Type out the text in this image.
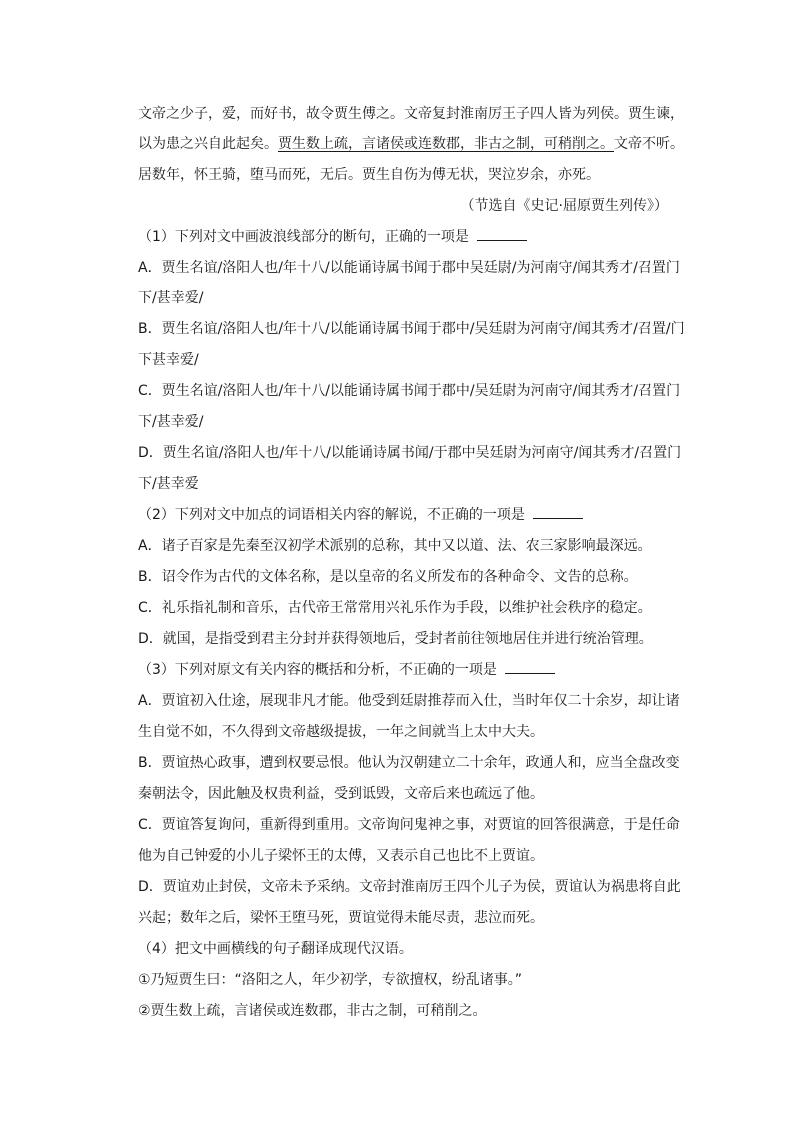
文帝之少子，爱，而好书，故令贾生傅之。文帝复封淮南厉王子四人皆为列侯。贾生谏，
以为患之兴自此起矣。贾生数上疏，言诸侯或连数郡，非古之制，可稍削之。文帝不听。
居数年，怀王骑，堕马而死，无后。贾生自伤为傅无状，哭泣岁余，亦死。
（节选自《史记·屈原贾生列传》）
（1）下列对文中画波浪线部分的断句，正确的一项是
A．贾生名谊/洛阳人也/年十八/以能诵诗属书闻于郡中吴廷尉/为河南守/闻其秀才/召置门
下/甚幸爱/
B．贾生名谊/洛阳人也/年十八/以能诵诗属书闻于郡中/吴廷尉为河南守/闻其秀才/召置/门
下甚幸爱/
C．贾生名谊/洛阳人也/年十八/以能诵诗属书闻于郡中/吴廷尉为河南守/闻其秀才/召置门
下/甚幸爱/
D．贾生名谊/洛阳人也/年十八/以能诵诗属书闻/于郡中吴廷尉为河南守/闻其秀才/召置门
下/甚幸爱
（2）下列对文中加点的词语相关内容的解说，不正确的一项是
A．诸子百家是先秦至汉初学术派别的总称，其中又以道、法、农三家影响最深远。
B．诏令作为古代的文体名称，是以皇帝的名义所发布的各种命令、文告的总称。
C．礼乐指礼制和音乐，古代帝王常常用兴礼乐作为手段，以维护社会秩序的稳定。
D．就国，是指受到君主分封并获得领地后，受封者前往领地居住并进行统治管理。
（3）下列对原文有关内容的概括和分析，不正确的一项是
A．贾谊初入仕途，展现非凡才能。他受到廷尉推荐而入仕，当时年仅二十余岁，却让诸
生自觉不如，不久得到文帝越级提拔，一年之间就当上太中大夫。
B．贾谊热心政事，遭到权要忌恨。他认为汉朝建立二十余年，政通人和，应当全盘改变
秦朝法令，因此触及权贵利益，受到诋毁，文帝后来也疏远了他。
C．贾谊答复询问，重新得到重用。文帝询问鬼神之事，对贾谊的回答很满意，于是任命
他为自己钟爱的小儿子梁怀王的太傅，又表示自己也比不上贾谊。
D．贾谊劝止封侯，文帝未予采纳。文帝封淮南厉王四个儿子为侯，贾谊认为祸患将自此
兴起；数年之后，梁怀王堕马死，贾谊觉得未能尽责，悲泣而死。
（4）把文中画横线的句子翻译成现代汉语。
①乃短贾生曰：“洛阳之人，年少初学，专欲擅权，纷乱诸事。”
②贾生数上疏，言诸侯或连数郡，非古之制，可稍削之。
